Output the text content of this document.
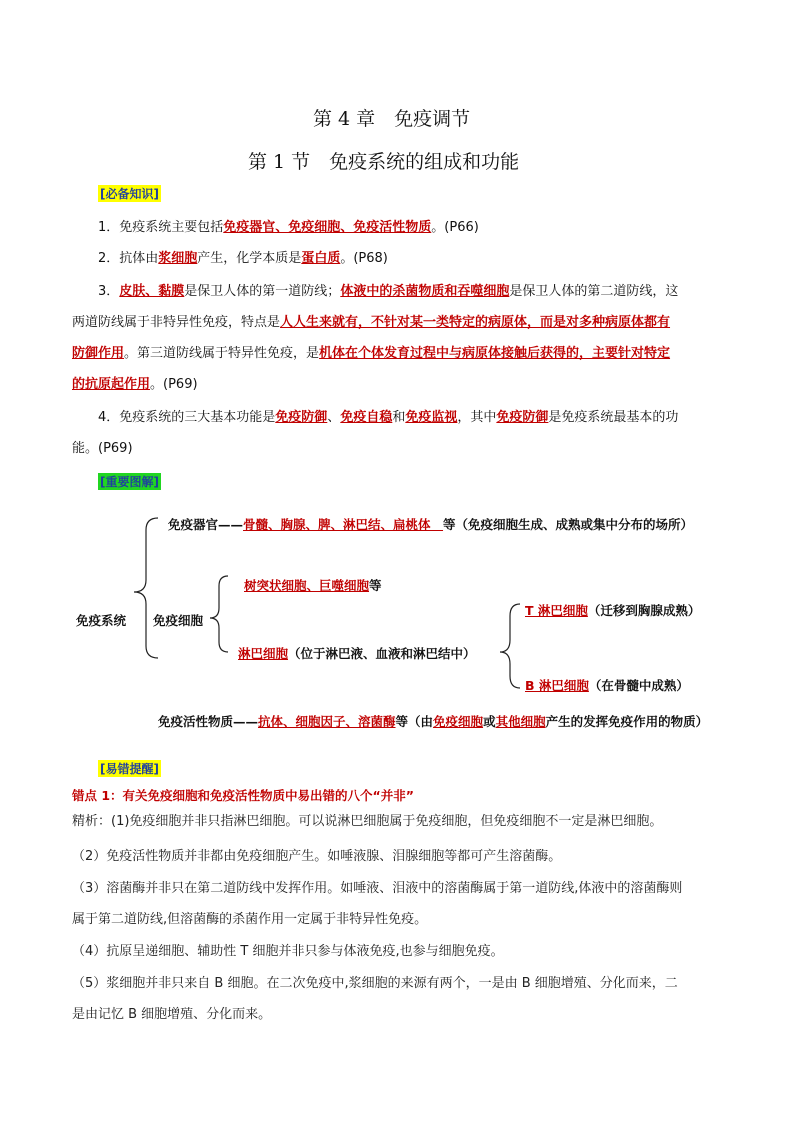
第 4 章　免疫调节
第 1 节　免疫系统的组成和功能
[必备知识]
1．免疫系统主要包括免疫器官、免疫细胞、免疫活性物质。(P66)
2．抗体由浆细胞产生，化学本质是蛋白质。(P68)
3．皮肤、黏膜是保卫人体的第一道防线；体液中的杀菌物质和吞噬细胞是保卫人体的第二道防线，这
两道防线属于非特异性免疫，特点是人人生来就有，不针对某一类特定的病原体，而是对多种病原体都有
防御作用。第三道防线属于特异性免疫，是机体在个体发育过程中与病原体接触后获得的，主要针对特定
的抗原起作用。(P69)
4．免疫系统的三大基本功能是免疫防御、免疫自稳和免疫监视，其中免疫防御是免疫系统最基本的功
能。(P69)
[重要图解]
免疫系统
免疫器官——骨髓、胸腺、脾、淋巴结、扁桃体　等（免疫细胞生成、成熟或集中分布的场所）
免疫细胞
树突状细胞、巨噬细胞等
淋巴细胞（位于淋巴液、血液和淋巴结中）
T 淋巴细胞（迁移到胸腺成熟）
B 淋巴细胞（在骨髓中成熟）
免疫活性物质——抗体、细胞因子、溶菌酶等（由免疫细胞或其他细胞产生的发挥免疫作用的物质）
[易错提醒]
错点 1：有关免疫细胞和免疫活性物质中易出错的八个“并非”
精析：(1)免疫细胞并非只指淋巴细胞。可以说淋巴细胞属于免疫细胞，但免疫细胞不一定是淋巴细胞。
（2）免疫活性物质并非都由免疫细胞产生。如唾液腺、泪腺细胞等都可产生溶菌酶。
（3）溶菌酶并非只在第二道防线中发挥作用。如唾液、泪液中的溶菌酶属于第一道防线,体液中的溶菌酶则
属于第二道防线,但溶菌酶的杀菌作用一定属于非特异性免疫。
（4）抗原呈递细胞、辅助性 T 细胞并非只参与体液免疫,也参与细胞免疫。
（5）浆细胞并非只来自 B 细胞。在二次免疫中,浆细胞的来源有两个，一是由 B 细胞增殖、分化而来，二
是由记忆 B 细胞增殖、分化而来。
